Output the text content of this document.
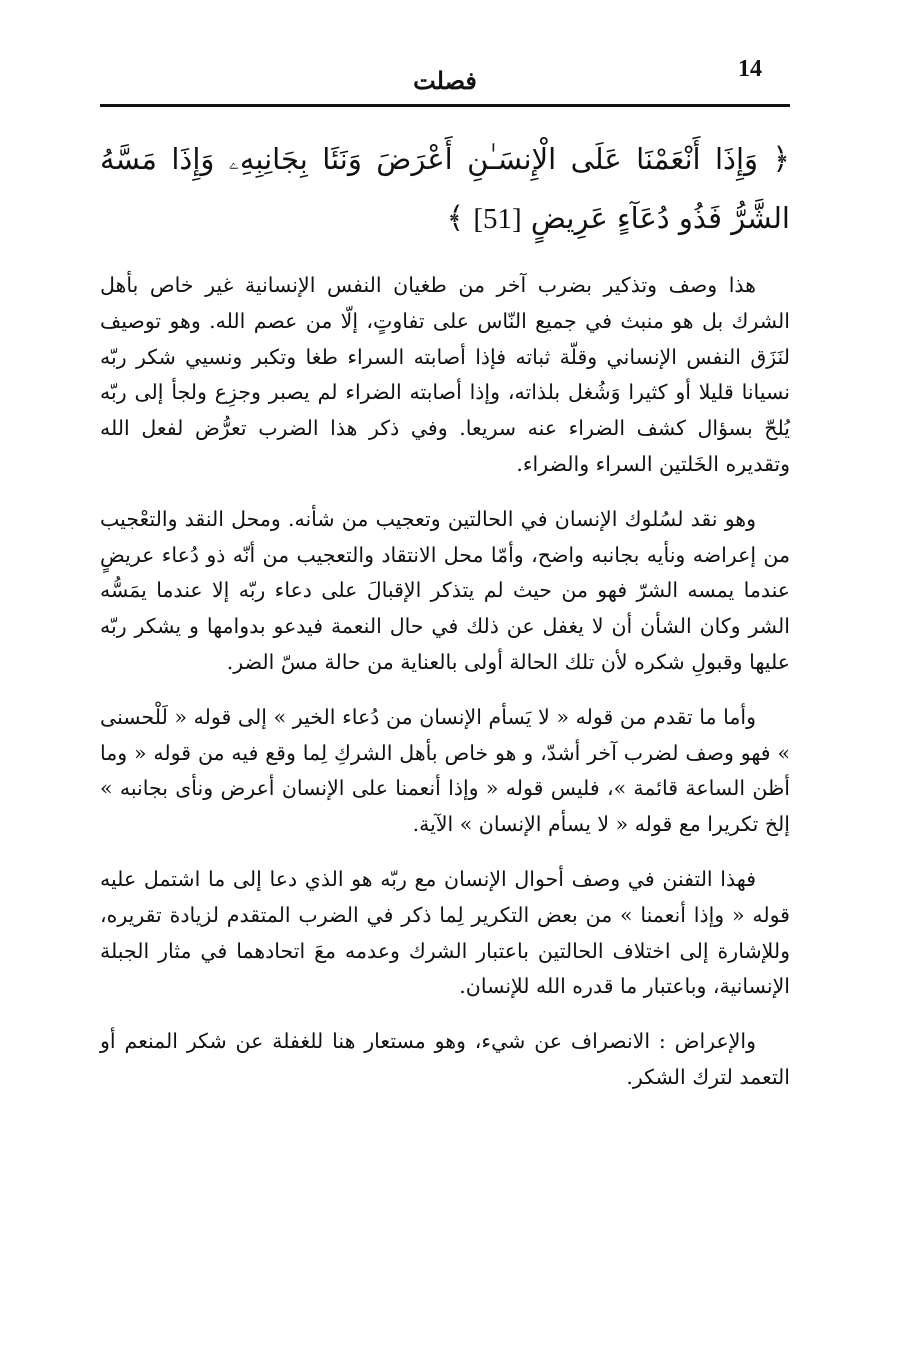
14
فصلت

﴿ وَإِذَا أَنْعَمْنَا عَلَى الْإِنسَـٰنِ أَعْرَضَ وَنَئَا بِجَانِبِهِۦ وَإِذَا مَسَّهُ الشَّرُّ فَذُو دُعَآءٍ عَرِيضٍ [51] ﴾

هذا وصف وتذكير بضرب آخر من طغيان النفس الإنسانية غير خاص بأهل الشرك بل هو منبث في جميع النّاس على تفاوتٍ، إلّا من عصم الله. وهو توصيف لنَزَق النفس الإنساني وقلّة ثباته فإذا أصابته السراء طغا وتكبر ونسيي شكر ربّه نسيانا قليلا أو كثيرا وَشُغل بلذاته، وإذا أصابته الضراء لم يصبر وجزِع ولجأ إلى ربّه يُلحّ بسؤال كشف الضراء عنه سريعا. وفي ذكر هذا الضرب تعرُّض لفعل الله وتقديره الخَلتين السراء والضراء.

وهو نقد لسُلوك الإنسان في الحالتين وتعجيب من شأنه. ومحل النقد والتعْجيب من إعراضه ونأيه بجانبه واضح، وأمّا محل الانتقاد والتعجيب من أنّه ذو دُعاء عريضٍ عندما يمسه الشرّ فهو من حيث لم يتذكر الإقبالَ على دعاء ربّه إلا عندما يمَسُّه الشر وكان الشأن أن لا يغفل عن ذلك في حال النعمة فيدعو بدوامها و يشكر ربّه عليها وقبولِ شكره لأن تلك الحالة أولى بالعناية من حالة مسّ الضر.

وأما ما تقدم من قوله « لا يَسأم الإنسان من دُعاء الخير » إلى قوله « لَلْحسنى » فهو وصف لضرب آخر أشدّ، و هو خاص بأهل الشركِ لِما وقع فيه من قوله « وما أظن الساعة قائمة »، فليس قوله « وإذا أنعمنا على الإنسان أعرض ونأى بجانبه » إلخ تكريرا مع قوله « لا يسأم الإنسان » الآية.

فهذا التفنن في وصف أحوال الإنسان مع ربّه هو الذي دعا إلى ما اشتمل عليه قوله « وإذا أنعمنا » من بعض التكرير لِما ذكر في الضرب المتقدم لزيادة تقريره، وللإشارة إلى اختلاف الحالتين باعتبار الشرك وعدمه معَ اتحادهما في مثار الجبلة الإنسانية، وباعتبار ما قدره الله للإنسان.

والإعراض : الانصراف عن شيء، وهو مستعار هنا للغفلة عن شكر المنعم أو التعمد لترك الشكر.
